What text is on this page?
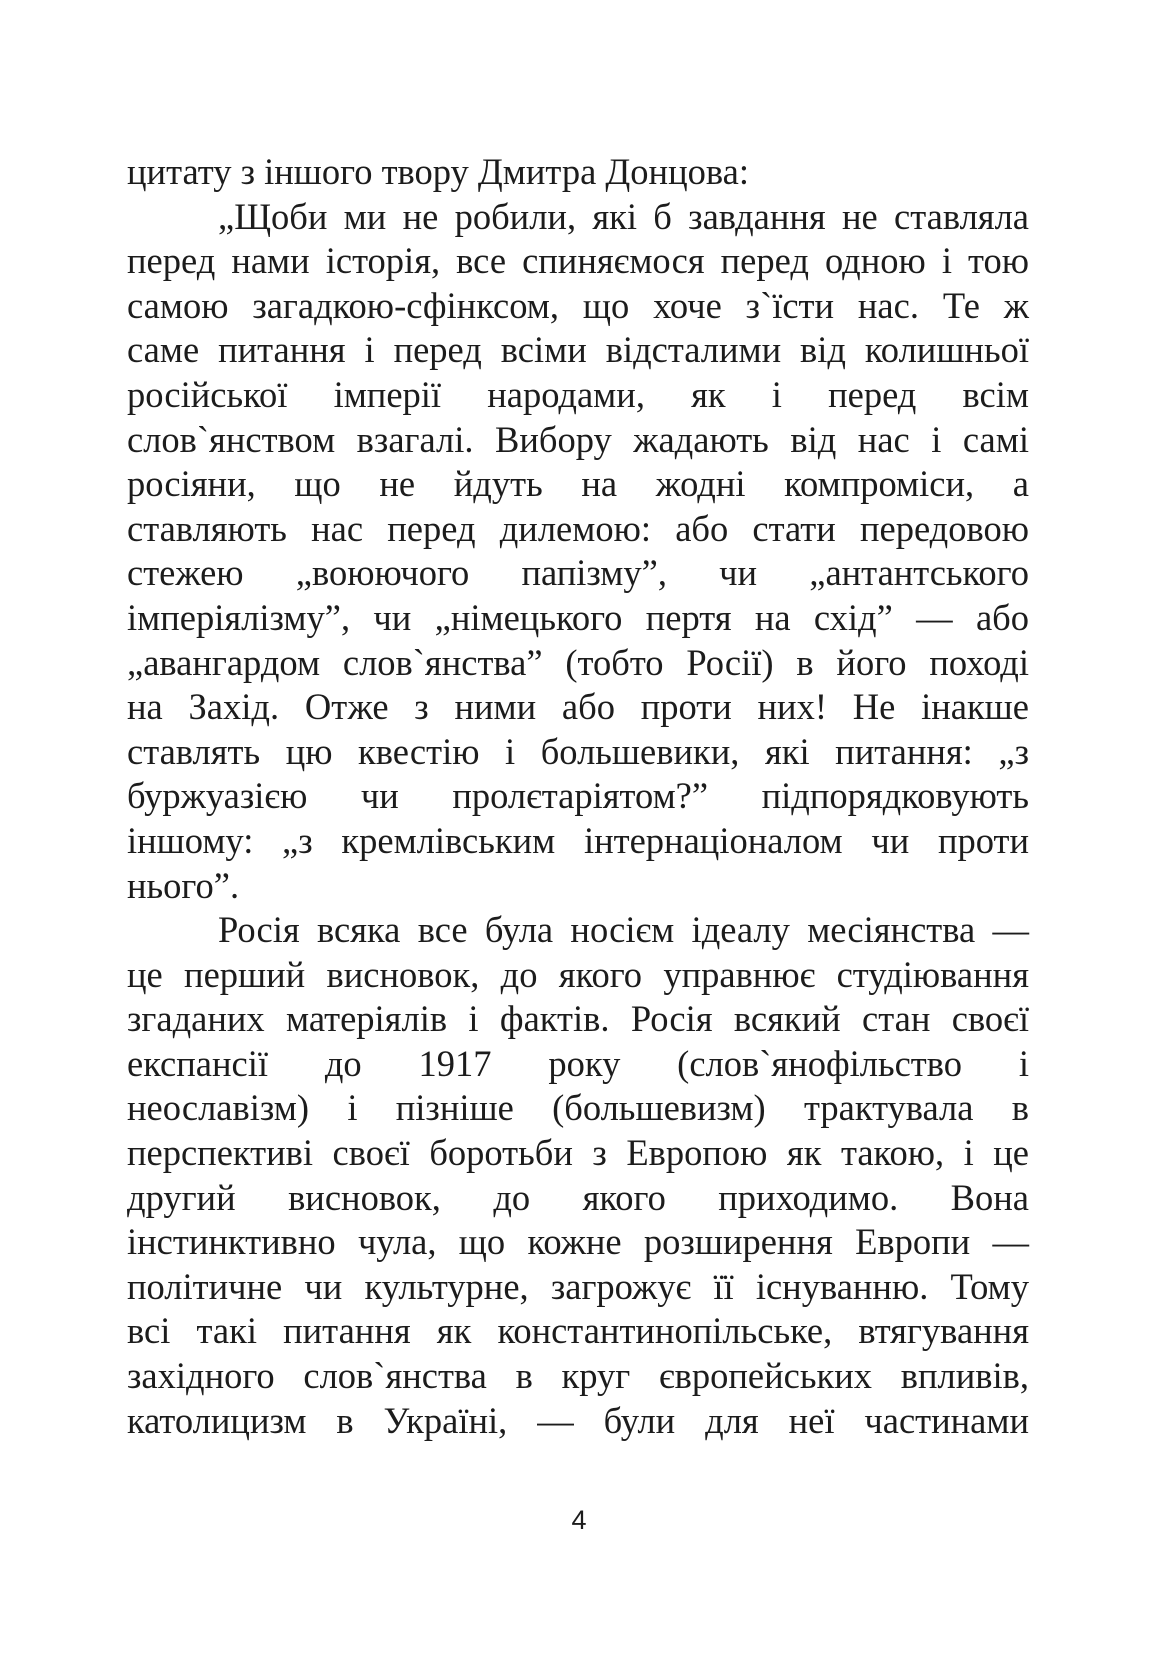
цитату з іншого твору Дмитра Донцова:
„Щоби ми не робили, які б завдання не ставляла
перед нами історія, все спиняємося перед одною і тою
самою загадкою-сфінксом, що хоче з`їсти нас. Те ж
саме питання і перед всіми відсталими від колишньої
російської імперії народами, як і перед всім
слов`янством взагалі. Вибору жадають від нас і самі
росіяни, що не йдуть на жодні компроміси, а
ставляють нас перед дилемою: або стати передовою
стежею „воюючого папізму”, чи „антантського
імперіялізму”, чи „німецького пертя на схід” — або
„авангардом слов`янства” (тобто Росії) в його поході
на Захід. Отже з ними або проти них! Не інакше
ставлять цю квестію і большевики, які питання: „з
буржуазією чи пролєтаріятом?” підпорядковують
іншому: „з кремлівським інтернаціоналом чи проти
нього”.
Росія всяка все була носієм ідеалу месіянства —
це перший висновок, до якого управнює студіювання
згаданих матеріялів і фактів. Росія всякий стан своєї
експансії до 1917 року (слов`янофільство і
неославізм) і пізніше (большевизм) трактувала в
перспективі своєї боротьби з Европою як такою, і це
другий висновок, до якого приходимо. Вона
інстинктивно чула, що кожне розширення Европи —
політичне чи культурне, загрожує її існуванню. Тому
всі такі питання як константинопільське, втягування
західного слов`янства в круг європейських впливів,
католицизм в Україні, — були для неї частинами
4
